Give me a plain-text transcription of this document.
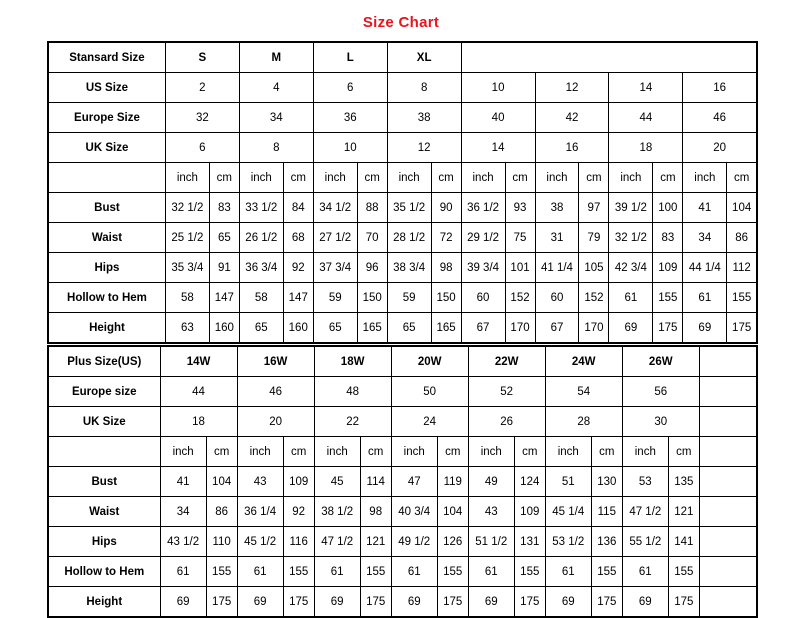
Size Chart
Stansard Size	S		M		L		XL									
US Size	2		4		6		8		10		12		14		16	
Europe Size	32		34		36		38		40		42		44		46	
UK Size	6		8		10		12		14		16		18		20	
	inch	cm	inch	cm	inch	cm	inch	cm	inch	cm	inch	cm	inch	cm	inch	cm
Bust	32 1/2	83	33 1/2	84	34 1/2	88	35 1/2	90	36 1/2	93	38	97	39 1/2	100	41	104
Waist	25 1/2	65	26 1/2	68	27 1/2	70	28 1/2	72	29 1/2	75	31	79	32 1/2	83	34	86
Hips	35 3/4	91	36 3/4	92	37 3/4	96	38 3/4	98	39 3/4	101	41 1/4	105	42 3/4	109	44 1/4	112
Hollow to Hem	58	147	58	147	59	150	59	150	60	152	60	152	61	155	61	155
Height	63	160	65	160	65	165	65	165	67	170	67	170	69	175	69	175
Plus Size(US)	14W		16W		18W		20W		22W		24W		26W		
Europe size	44		46		48		50		52		54		56		
UK Size	18		20		22		24		26		28		30		
	inch	cm	inch	cm	inch	cm	inch	cm	inch	cm	inch	cm	inch	cm	
Bust	41	104	43	109	45	114	47	119	49	124	51	130	53	135	
Waist	34	86	36 1/4	92	38 1/2	98	40 3/4	104	43	109	45 1/4	115	47 1/2	121	
Hips	43 1/2	110	45 1/2	116	47 1/2	121	49 1/2	126	51 1/2	131	53 1/2	136	55 1/2	141	
Hollow to Hem	61	155	61	155	61	155	61	155	61	155	61	155	61	155	
Height	69	175	69	175	69	175	69	175	69	175	69	175	69	175	
